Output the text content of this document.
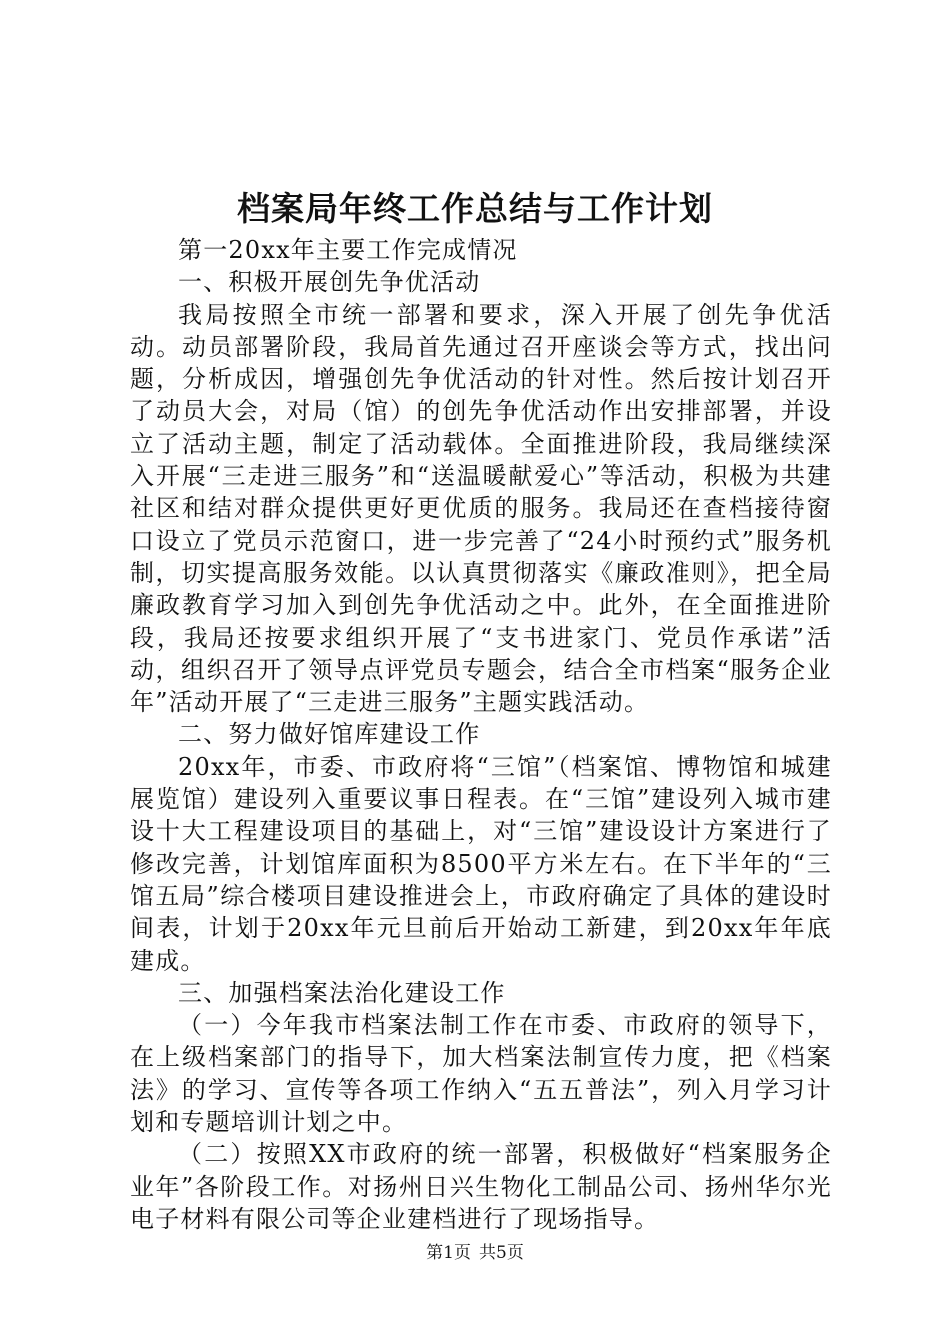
档案局年终工作总结与工作计划

第一20xx年主要工作完成情况

一、积极开展创先争优活动

我局按照全市统一部署和要求，深入开展了创先争优活动。动员部署阶段，我局首先通过召开座谈会等方式，找出问题，分析成因，增强创先争优活动的针对性。然后按计划召开了动员大会，对局（馆）的创先争优活动作出安排部署，并设立了活动主题，制定了活动载体。全面推进阶段，我局继续深入开展“三走进三服务”和“送温暖献爱心”等活动，积极为共建社区和结对群众提供更好更优质的服务。我局还在查档接待窗口设立了党员示范窗口，进一步完善了“24小时预约式”服务机制，切实提高服务效能。以认真贯彻落实《廉政准则》，把全局廉政教育学习加入到创先争优活动之中。此外，在全面推进阶段，我局还按要求组织开展了“支书进家门、党员作承诺”活动，组织召开了领导点评党员专题会，结合全市档案“服务企业年”活动开展了“三走进三服务”主题实践活动。

二、努力做好馆库建设工作

20xx年，市委、市政府将“三馆”（档案馆、博物馆和城建展览馆）建设列入重要议事日程表。在“三馆”建设列入城市建设十大工程建设项目的基础上，对“三馆”建设设计方案进行了修改完善，计划馆库面积为8500平方米左右。在下半年的“三馆五局”综合楼项目建设推进会上，市政府确定了具体的建设时间表，计划于20xx年元旦前后开始动工新建，到20xx年年底建成。

三、加强档案法治化建设工作

（一）今年我市档案法制工作在市委、市政府的领导下，在上级档案部门的指导下，加大档案法制宣传力度，把《档案法》的学习、宣传等各项工作纳入“五五普法”，列入月学习计划和专题培训计划之中。

（二）按照XX市政府的统一部署，积极做好“档案服务企业年”各阶段工作。对扬州日兴生物化工制品公司、扬州华尔光电子材料有限公司等企业建档进行了现场指导。

第1页 共5页
